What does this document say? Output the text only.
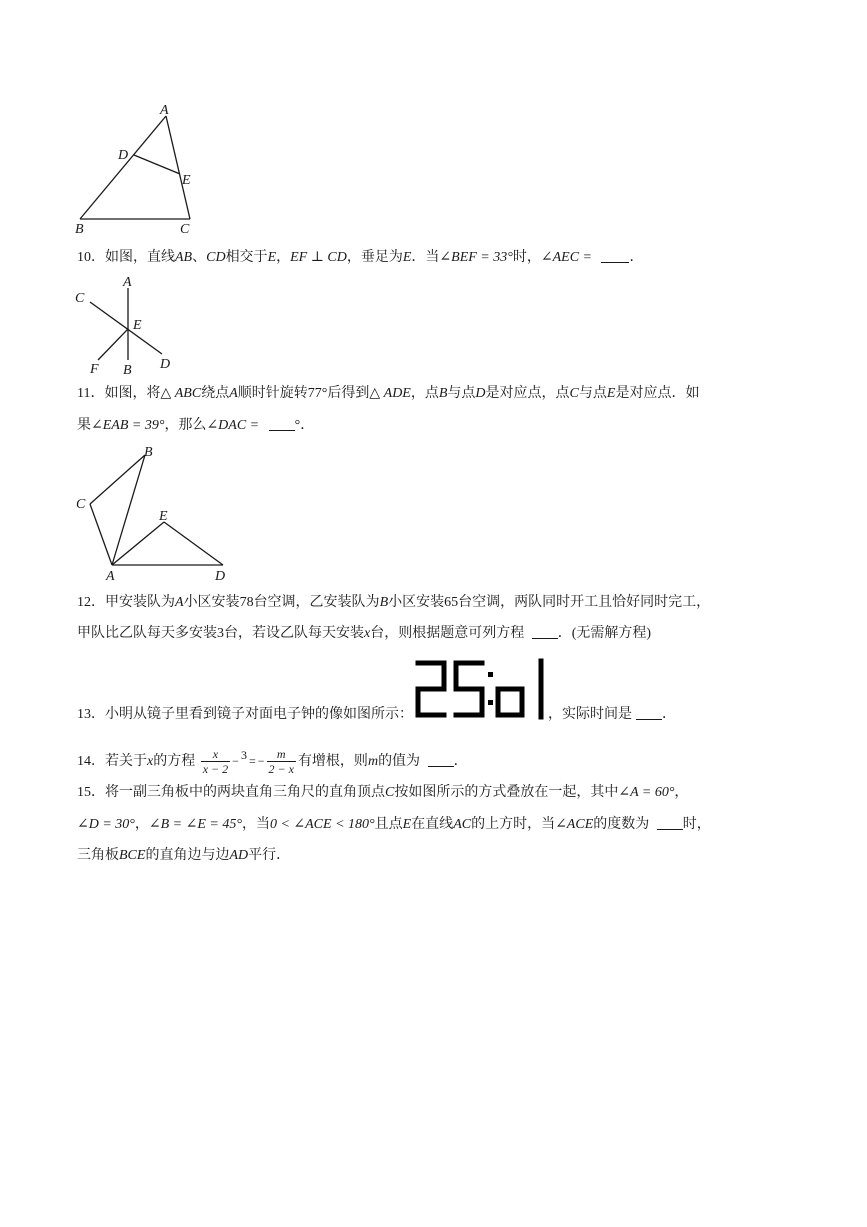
A
D
E
B	C
10．如图，直线AB、CD相交于E，EF ⊥ CD，垂足为E．当∠BEF = 33°时，∠AEC =	．
A
C
E
F B D
11．如图，将△ ABC绕点A顺时针旋转77°后得到△ ADE，点B与点D是对应点，点C与点E是对应点．如
果∠EAB = 39°，那么∠DAC =	°．
B
C
E
A	D
12．甲安装队为A小区安装78台空调，乙安装队为B小区安装65台空调，两队同时开工且恰好同时完工，
甲队比乙队每天多安装3台，若设乙队每天安装x台，则根据题意可列方程 ．(无需解方程)
13．小明从镜子里看到镜子对面电子钟的像如图所示：	，实际时间是 ．
14．若关于x的方程 $\frac{x}{x - 2} - 3$ = − $\frac{m}{2 - x}$ 有增根，则m的值为 ．
15．将一副三角板中的两块直角三角尺的直角顶点C按如图所示的方式叠放在一起，其中∠A = 60°，
∠D = 30°，∠B = ∠E = 45°，当0 < ∠ACE < 180°且点E在直线AC的上方时，当∠ACE的度数为 时，
三角板BCE的直角边与边AD平行．
